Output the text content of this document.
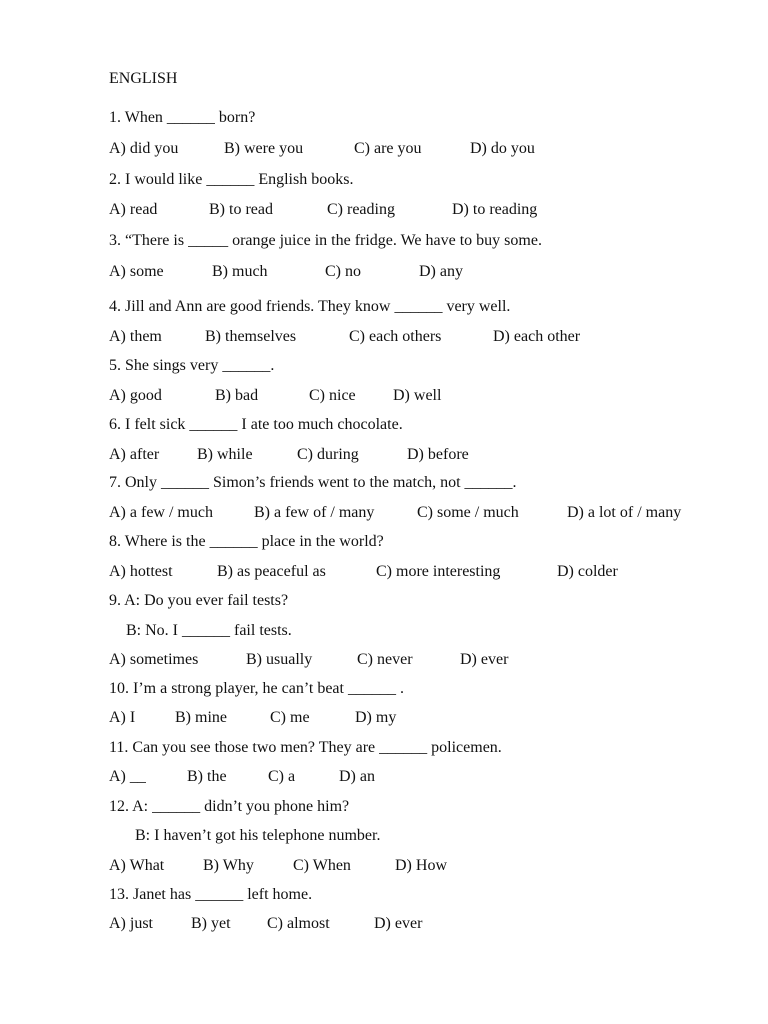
ENGLISH
1. When ______ born?
A) did you	B) were you	C) are you	D) do you
2. I would like ______ English books.
A) read	B) to read	C) reading	D) to reading
3. “There is _____ orange juice in the fridge. We have to buy some.
A) some	B) much	C) no	D) any
4. Jill and Ann are good friends. They know ______ very well.
A) them	B) themselves	C) each others	D) each other
5. She sings very ______.
A) good	B) bad	C) nice D) well
6. I felt sick ______ I ate too much chocolate.
A) after B) while	C) during	D) before
7. Only ______ Simon’s friends went to the match, not ______.
A) a few / much	B) a few of / many	C) some / much	D) a lot of / many
8. Where is the ______ place in the world?
A) hottest	B) as peaceful as	C) more interesting	D) colder
9. A: Do you ever fail tests?
B: No. I ______ fail tests.
A) sometimes	B) usually	C) never	D) ever
10. I’m a strong player, he can’t beat ______ .
A) I B) mine	C) me	D) my
11. Can you see those two men? They are ______ policemen.
A) __	B) the	C) a	D) an
12. A: ______ didn’t you phone him?
B: I haven’t got his telephone number.
A) What B) Why C) When	D) How
13. Janet has ______ left home.
A) just B) yet C) almost	D) ever
